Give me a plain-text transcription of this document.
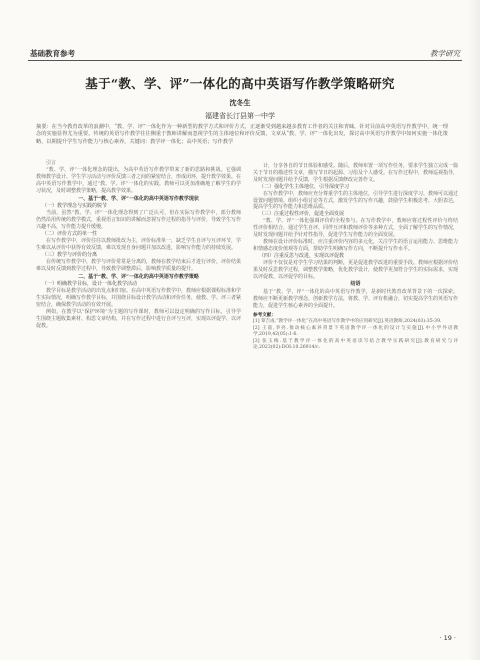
基础教育参考	教学研究
基于“教、学、评”一体化的高中英语写作教学策略研究
沈冬生
福建省长汀县第一中学
摘要：在当今教育改革的浪潮中，“教、学、评”一体化作为一种新型的教学方式和评价方式，正逐渐受到越来越多教育工作者的关注和青睐。针对目前高中英语写作教学中，统一理念的实施显得尤为重要。传统的英语写作教学往往侧重于教师讲解而忽视学生的主体地位和评价反馈，文章从“教、学、评”一体化出发，探讨高中英语写作教学中如何实施一体化策略，以期提升学生写作能力与核心素养。关键词：教学评一体化；高中英语；写作教学

引言

“教、学、评”一体化理念的提出，为高中英语写作教学带来了新的思路和挑战。它强调教师教学设计、学生学习活动与评价反馈三者之间的紧密结合，形成闭环，提升教学效果。在高中英语写作教学中，通过“教、学、评”一体化的实践，教师可以更加准确地了解学生的学习状况，及时调整教学策略，提高教学效果。

一、基于“教、学、评”一体化的高中英语写作教学现状

（一）教学理念与实践的脱节

当前，虽然“教、学、评”一体化理念得到了广泛认可，但在实际写作教学中，部分教师仍然沿用传统的教学模式，重视语言知识的讲解而忽视写作过程的指导与评价，导致学生写作兴趣不高，写作能力提升缓慢。

（二）评价方式的单一性

在写作教学中，评价往往以教师批改为主，评价标准单一，缺乏学生自评与互评环节，学生难以从评价中获得有效反馈，难以发现自身问题并加以改进，影响写作能力的持续发展。

（三）教学与评价的分离

在传统写作教学中，教学与评价常常是分离的，教师在教学结束后才进行评价，评价结果难以及时反馈到教学过程中，导致教学调整滞后，影响教学质量的提升。

二、基于“教、学、评”一体化的高中英语写作教学策略

（一）明确教学目标，设计一体化教学活动

教学目标是教学活动的出发点和归宿。在高中英语写作教学中，教师应根据课程标准和学生实际情况，明确写作教学目标，并围绕目标设计教学活动和评价任务，使教、学、评三者紧密结合，确保教学活动的有效开展。

例如，在教学以“保护环境”为主题的写作课时，教师可以设定明确的写作目标，引导学生围绕主题收集素材、构思文章结构，并在写作过程中进行自评与互评，实现以评促学、以评促教。

计，分享各自的节日体验和感受。随后，教师布置一项写作任务，要求学生独立完成一篇关于节日的描述性文章，描写节日的起源、习俗及个人感受。在写作过程中，教师巡视指导，及时发现问题并给予反馈，学生根据反馈修改完善作文。

（二）强化学生主体地位，引导深度学习

在写作教学中，教师应充分尊重学生的主体地位，引导学生进行深度学习。教师可以通过设置问题情境、组织小组讨论等方式，激发学生的写作兴趣，鼓励学生积极思考、大胆表达，提高学生的写作能力和思维品质。

（三）注重过程性评价，促进全面发展

“教、学、评”一体化强调评价的全程参与。在写作教学中，教师应将过程性评价与终结性评价相结合，通过学生自评、同伴互评和教师评价等多种方式，全面了解学生的写作情况，及时发现问题并给予针对性指导，促进学生写作能力的全面发展。

教师在设计评价标准时，应注重评价内容的多元化，关注学生的语言运用能力、思维能力和情感态度价值观等方面，帮助学生明确写作方向，不断提升写作水平。

（四）注重反思与改进，实现以评促教

评价不仅仅是对学生学习结果的判断，更是促进教学改进的重要手段。教师应根据评价结果及时反思教学过程，调整教学策略，优化教学设计，使教学更加符合学生的实际需求，实现以评促教、以评促学的目标。

结语

基于“教、学、评”一体化的高中英语写作教学，是新时代教育改革背景下的一次探索。教师应不断更新教学理念，创新教学方法，将教、学、评有机融合，切实提高学生的英语写作能力，促进学生核心素养的全面提升。

参考文献：

[1] 覃吉成.“教学评一体化”在高中英语写作教学中的应用研究[J].英语教师,2024(03):35-39.

[2] 王蔷,李亮.推动核心素养背景下英语教学评一体化的设计与实施[J].中小学外语教学,2019,42(05):1-6.

[3] 张玉梅.基于教学评一体化的高中英语读写结合教学实践研究[J].教育研究与评论,2023(02):DOI:10.26914/c.

· 19 ·
